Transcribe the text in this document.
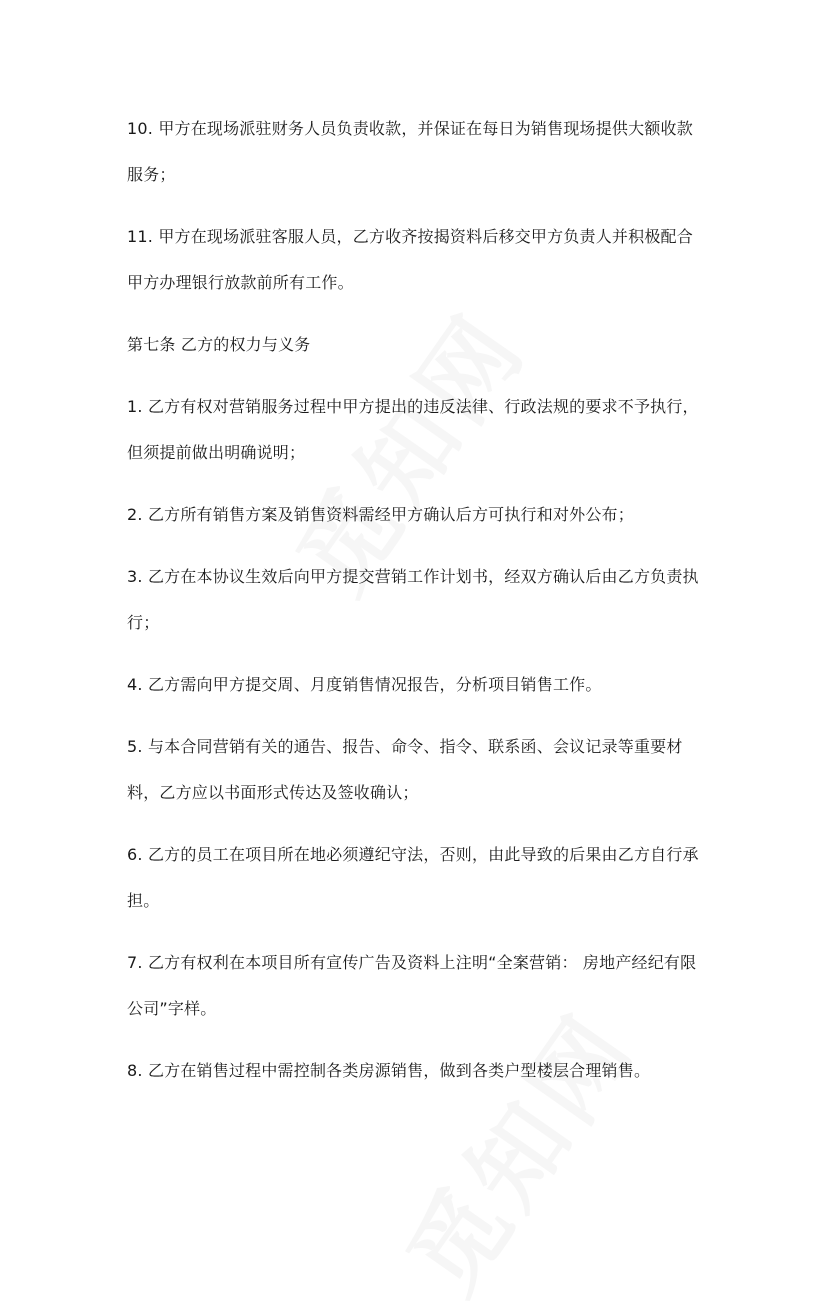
10. 甲方在现场派驻财务人员负责收款，并保证在每日为销售现场提供大额收款服务；

11. 甲方在现场派驻客服人员，乙方收齐按揭资料后移交甲方负责人并积极配合甲方办理银行放款前所有工作。

第七条 乙方的权力与义务

1. 乙方有权对营销服务过程中甲方提出的违反法律、行政法规的要求不予执行，但须提前做出明确说明；

2. 乙方所有销售方案及销售资料需经甲方确认后方可执行和对外公布；

3. 乙方在本协议生效后向甲方提交营销工作计划书，经双方确认后由乙方负责执行；

4. 乙方需向甲方提交周、月度销售情况报告，分析项目销售工作。

5. 与本合同营销有关的通告、报告、命令、指令、联系函、会议记录等重要材料，乙方应以书面形式传达及签收确认；

6. 乙方的员工在项目所在地必须遵纪守法，否则，由此导致的后果由乙方自行承担。

7. 乙方有权利在本项目所有宣传广告及资料上注明“全案营销： 房地产经纪有限公司”字样。

8. 乙方在销售过程中需控制各类房源销售，做到各类户型楼层合理销售。
